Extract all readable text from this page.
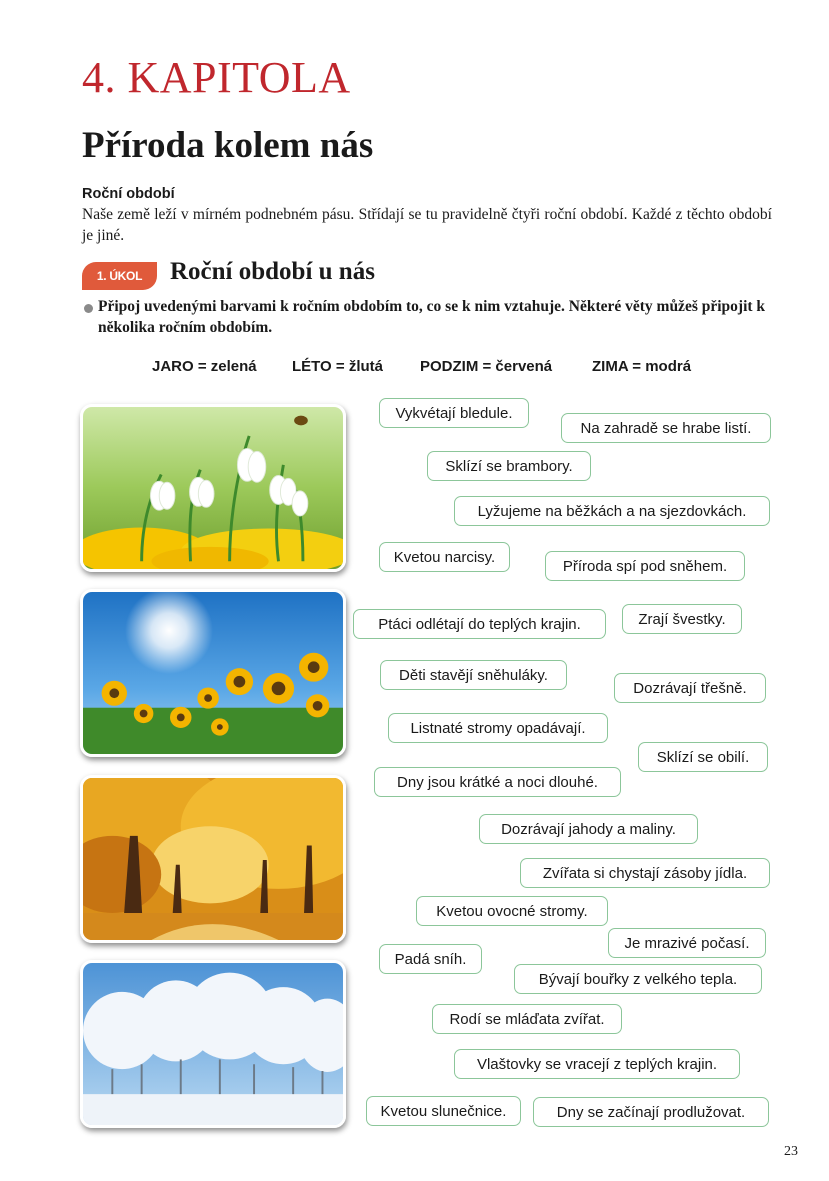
4. KAPITOLA
Příroda kolem nás
Roční období
Naše země leží v mírném podnebném pásu. Střídají se tu pravidelně čtyři roční období. Každé z těchto období je jiné.
1. ÚKOL	Roční období u nás
Připoj uvedenými barvami k ročním obdobím to, co se k nim vztahuje. Některé věty můžeš připojit k několika ročním obdobím.
JARO = zelená LÉTO = žlutá PODZIM = červená	ZIMA = modrá
Vykvétají bledule.
Na zahradě se hrabe listí.
Sklízí se brambory.
Lyžujeme na běžkách a na sjezdovkách.
Kvetou narcisy.
Příroda spí pod sněhem.
Ptáci odlétají do teplých krajin.	Zrají švestky.
Děti stavějí sněhuláky.
Dozrávají třešně.
Listnaté stromy opadávají.
Sklízí se obilí.
Dny jsou krátké a noci dlouhé.
Dozrávají jahody a maliny.
Zvířata si chystají zásoby jídla.
Kvetou ovocné stromy.
Je mrazivé počasí.
Padá sníh.
Bývají bouřky z velkého tepla.
Rodí se mláďata zvířat.
Vlaštovky se vracejí z teplých krajin.
Kvetou slunečnice.	Dny se začínají prodlužovat.
23
